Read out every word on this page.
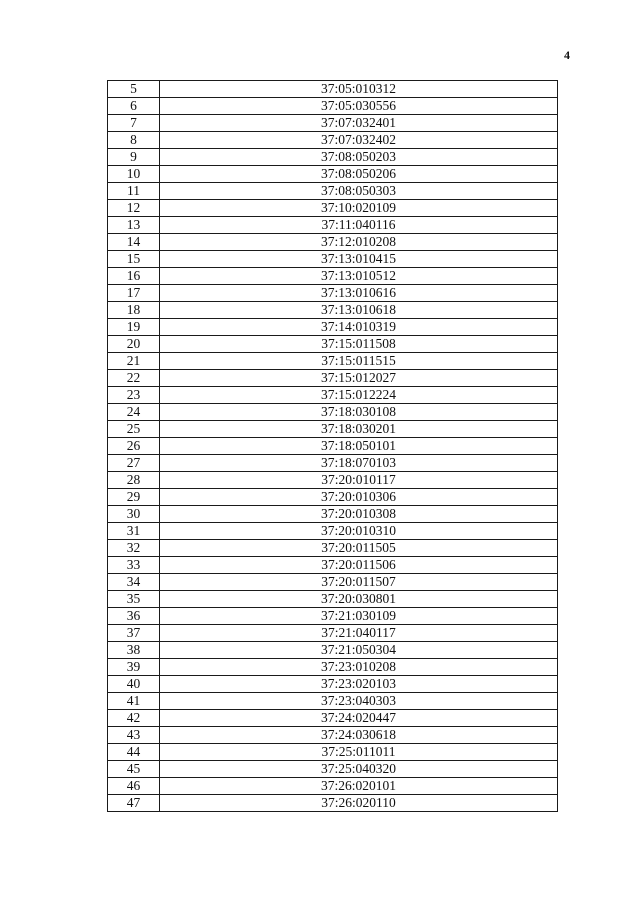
4
5	37:05:010312
6	37:05:030556
7	37:07:032401
8	37:07:032402
9	37:08:050203
10	37:08:050206
11	37:08:050303
12	37:10:020109
13	37:11:040116
14	37:12:010208
15	37:13:010415
16	37:13:010512
17	37:13:010616
18	37:13:010618
19	37:14:010319
20	37:15:011508
21	37:15:011515
22	37:15:012027
23	37:15:012224
24	37:18:030108
25	37:18:030201
26	37:18:050101
27	37:18:070103
28	37:20:010117
29	37:20:010306
30	37:20:010308
31	37:20:010310
32	37:20:011505
33	37:20:011506
34	37:20:011507
35	37:20:030801
36	37:21:030109
37	37:21:040117
38	37:21:050304
39	37:23:010208
40	37:23:020103
41	37:23:040303
42	37:24:020447
43	37:24:030618
44	37:25:011011
45	37:25:040320
46	37:26:020101
47	37:26:020110
